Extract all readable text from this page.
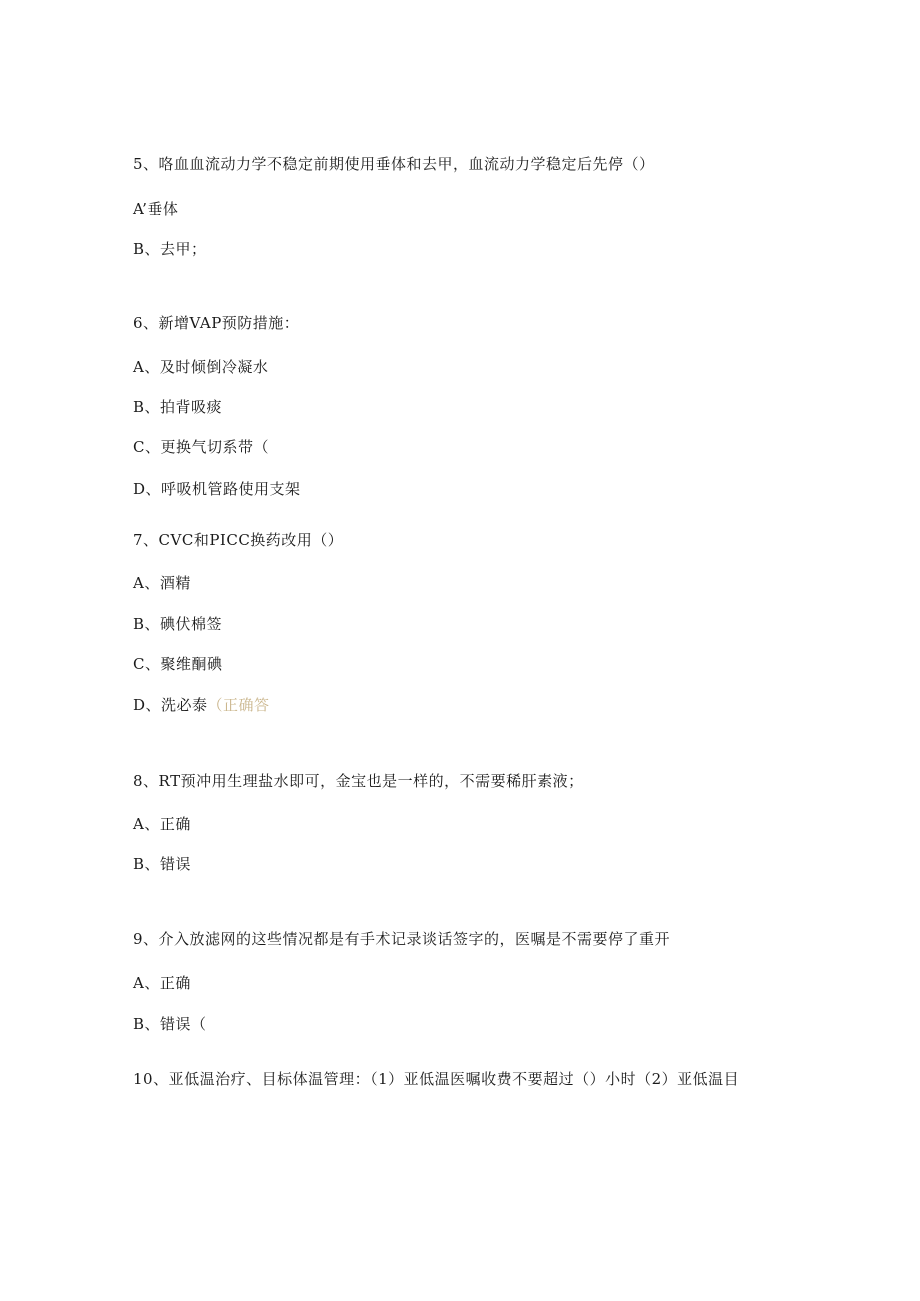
5、咯血血流动力学不稳定前期使用垂体和去甲，血流动力学稳定后先停（）
A’垂体
B、去甲；
6、新增VAP预防措施：
A、及时倾倒冷凝水
B、拍背吸痰
C、更换气切系带（
D、呼吸机管路使用支架
7、CVC和PICC换药改用（）
A、酒精
B、碘伏棉签
C、聚维酮碘
D、洗必泰（正确答
8、RT预冲用生理盐水即可，金宝也是一样的，不需要稀肝素液；
A、正确
B、错误
9、介入放滤网的这些情况都是有手术记录谈话签字的，医嘱是不需要停了重开
A、正确
B、错误（
10、亚低温治疗、目标体温管理：（1）亚低温医嘱收费不要超过（）小时（2）亚低温目
